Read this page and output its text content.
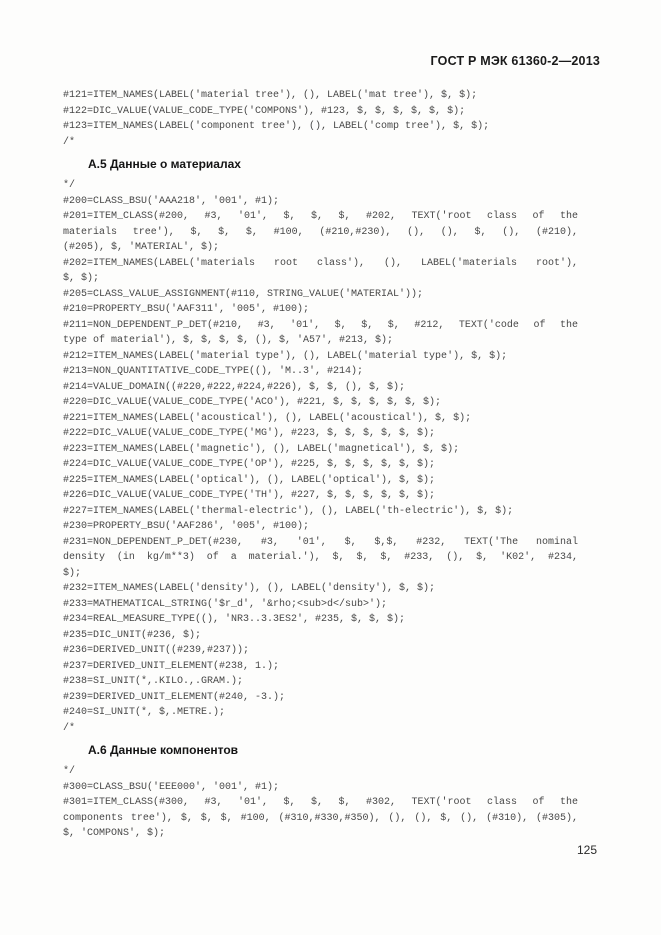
ГОСТ Р МЭК 61360-2—2013
#121=ITEM_NAMES(LABEL('material tree'), (), LABEL('mat tree'), $, $);
#122=DIC_VALUE(VALUE_CODE_TYPE('COMPONS'), #123, $, $, $, $, $, $);
#123=ITEM_NAMES(LABEL('component tree'), (), LABEL('comp tree'), $, $);
/*
А.5 Данные о материалах
*/
#200=CLASS_BSU('AAA218', '001', #1);
#201=ITEM_CLASS(#200, #3, '01', $, $, $, #202, TEXT('root class of the
materials tree'), $, $, $, #100, (#210,#230), (), (), $, (), (#210),
(#205), $, 'MATERIAL', $);
#202=ITEM_NAMES(LABEL('materials root class'), (), LABEL('materials root'),
$, $);
#205=CLASS_VALUE_ASSIGNMENT(#110, STRING_VALUE('MATERIAL'));
#210=PROPERTY_BSU('AAF311', '005', #100);
#211=NON_DEPENDENT_P_DET(#210, #3, '01', $, $, $, #212, TEXT('code of the
type of material'), $, $, $, $, (), $, 'A57', #213, $);
#212=ITEM_NAMES(LABEL('material type'), (), LABEL('material type'), $, $);
#213=NON_QUANTITATIVE_CODE_TYPE((), 'M..3', #214);
#214=VALUE_DOMAIN((#220,#222,#224,#226), $, $, (), $, $);
#220=DIC_VALUE(VALUE_CODE_TYPE('ACO'), #221, $, $, $, $, $, $);
#221=ITEM_NAMES(LABEL('acoustical'), (), LABEL('acoustical'), $, $);
#222=DIC_VALUE(VALUE_CODE_TYPE('MG'), #223, $, $, $, $, $, $);
#223=ITEM_NAMES(LABEL('magnetic'), (), LABEL('magnetical'), $, $);
#224=DIC_VALUE(VALUE_CODE_TYPE('OP'), #225, $, $, $, $, $, $);
#225=ITEM_NAMES(LABEL('optical'), (), LABEL('optical'), $, $);
#226=DIC_VALUE(VALUE_CODE_TYPE('TH'), #227, $, $, $, $, $, $);
#227=ITEM_NAMES(LABEL('thermal-electric'), (), LABEL('th-electric'), $, $);
#230=PROPERTY_BSU('AAF286', '005', #100);
#231=NON_DEPENDENT_P_DET(#230, #3, '01', $, $,$, #232, TEXT('The nominal
density (in kg/m**3) of a material.'), $, $, $, #233, (), $, 'K02', #234,
$);
#232=ITEM_NAMES(LABEL('density'), (), LABEL('density'), $, $);
#233=MATHEMATICAL_STRING('$r_d', '&rho;<sub>d</sub>');
#234=REAL_MEASURE_TYPE((), 'NR3..3.3ES2', #235, $, $, $);
#235=DIC_UNIT(#236, $);
#236=DERIVED_UNIT((#239,#237));
#237=DERIVED_UNIT_ELEMENT(#238, 1.);
#238=SI_UNIT(*,.KILO.,.GRAM.);
#239=DERIVED_UNIT_ELEMENT(#240, -3.);
#240=SI_UNIT(*, $,.METRE.);
/*
А.6 Данные компонентов
*/
#300=CLASS_BSU('EEE000', '001', #1);
#301=ITEM_CLASS(#300, #3, '01', $, $, $, #302, TEXT('root class of the
components tree'), $, $, $, #100, (#310,#330,#350), (), (), $, (), (#310), (#305),
$, 'COMPONS', $);
125
